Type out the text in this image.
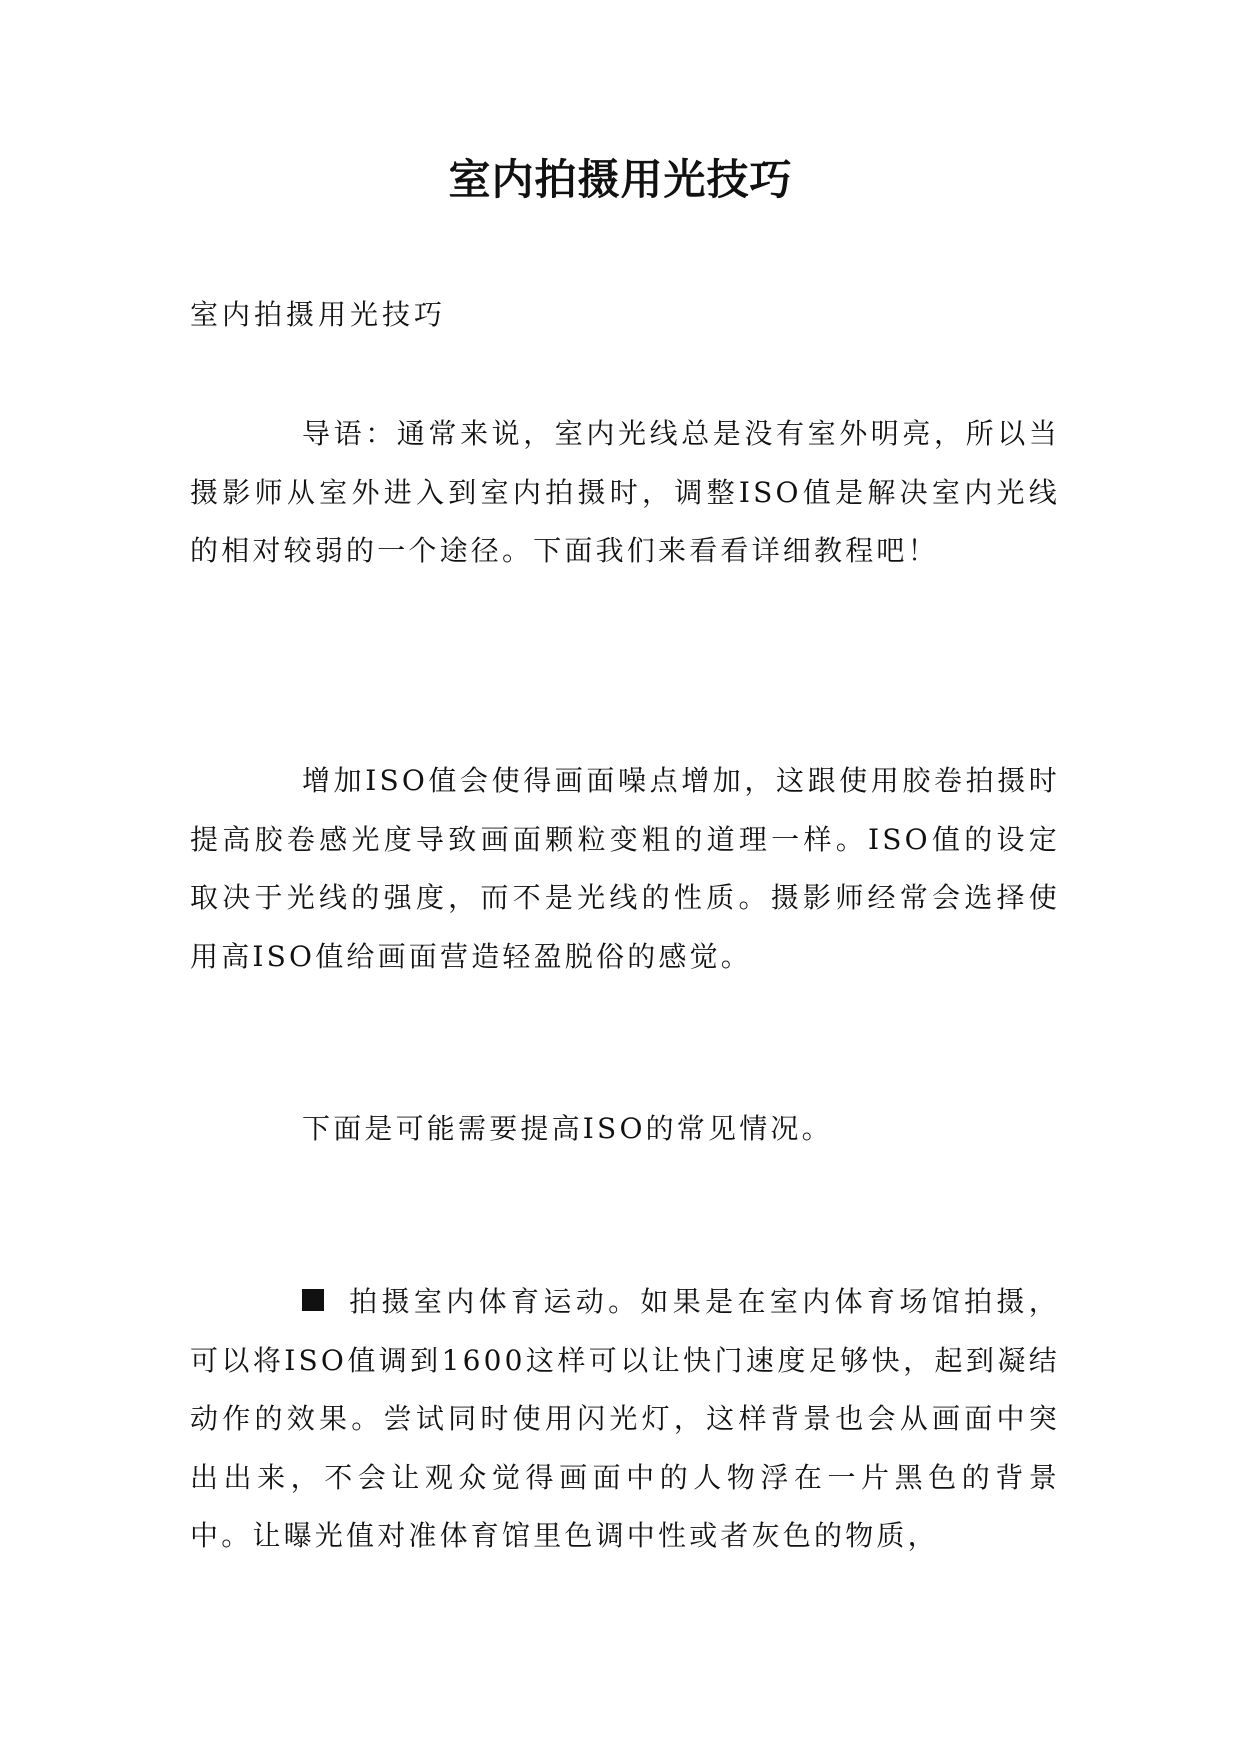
室内拍摄用光技巧

室内拍摄用光技巧

导语：通常来说，室内光线总是没有室外明亮，所以当摄影师从室外进入到室内拍摄时，调整ISO值是解决室内光线的相对较弱的一个途径。下面我们来看看详细教程吧！

增加ISO值会使得画面噪点增加，这跟使用胶卷拍摄时提高胶卷感光度导致画面颗粒变粗的道理一样。ISO值的设定取决于光线的强度，而不是光线的性质。摄影师经常会选择使用高ISO值给画面营造轻盈脱俗的感觉。

下面是可能需要提高ISO的常见情况。

拍摄室内体育运动。如果是在室内体育场馆拍摄，可以将ISO值调到1600这样可以让快门速度足够快，起到凝结动作的效果。尝试同时使用闪光灯，这样背景也会从画面中突出出来，不会让观众觉得画面中的人物浮在一片黑色的背景中。让曝光值对准体育馆里色调中性或者灰色的物质，
